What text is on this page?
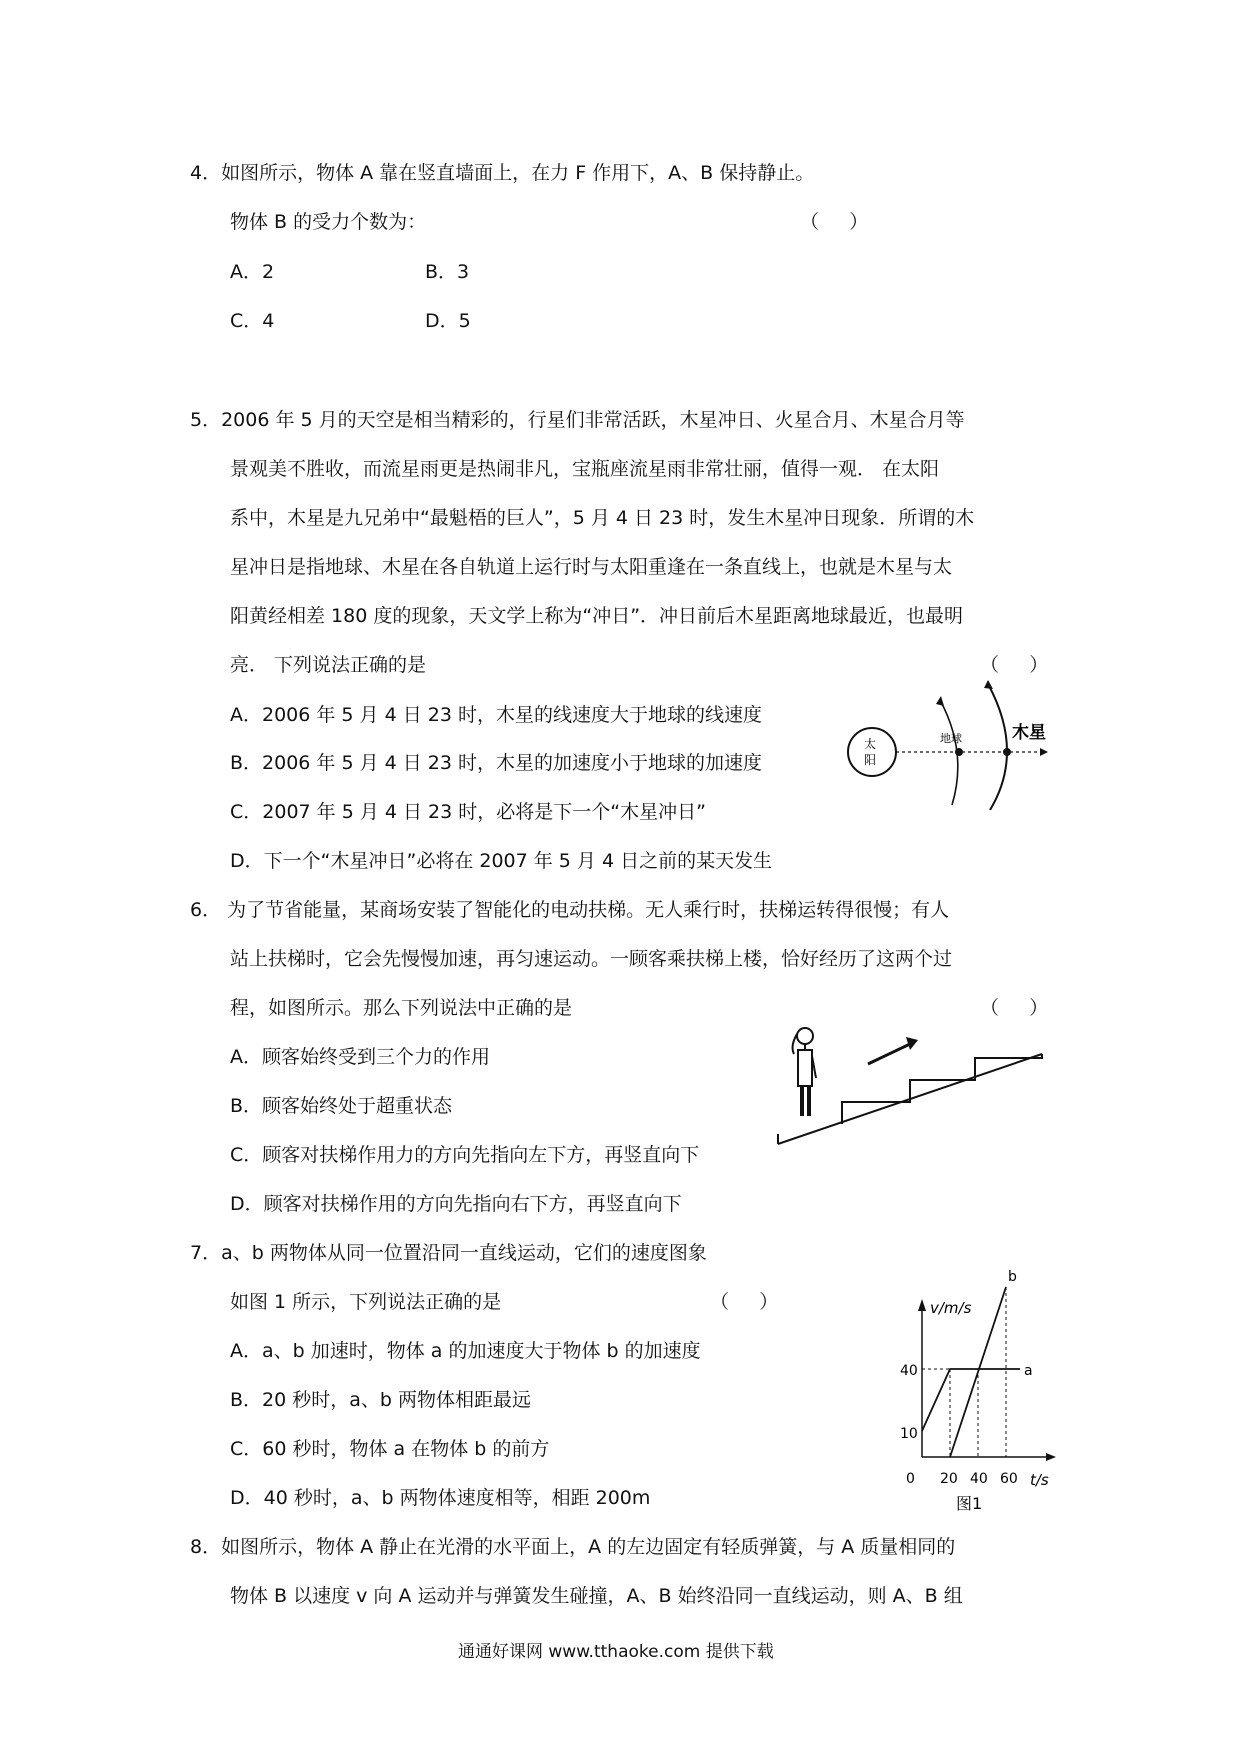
4．如图所示，物体 A 靠在竖直墙面上，在力 F 作用下，A、B 保持静止。
物体 B 的受力个数为：	（     ）
A．2	B．3
C．4	D．5
5．2006 年 5 月的天空是相当精彩的，行星们非常活跃，木星冲日、火星合月、木星合月等
景观美不胜收，而流星雨更是热闹非凡，宝瓶座流星雨非常壮丽，值得一观． 在太阳
系中，木星是九兄弟中“最魁梧的巨人”，5 月 4 日 23 时，发生木星冲日现象．所谓的木
星冲日是指地球、木星在各自轨道上运行时与太阳重逢在一条直线上，也就是木星与太
阳黄经相差 180 度的现象，天文学上称为“冲日”．冲日前后木星距离地球最近，也最明
亮． 下列说法正确的是	（     ）
A．2006 年 5 月 4 日 23 时，木星的线速度大于地球的线速度
B．2006 年 5 月 4 日 23 时，木星的加速度小于地球的加速度
C．2007 年 5 月 4 日 23 时，必将是下一个“木星冲日”
D．下一个“木星冲日”必将在 2007 年 5 月 4 日之前的某天发生
太
阳
地球	木星
6． 为了节省能量，某商场安装了智能化的电动扶梯。无人乘行时，扶梯运转得很慢；有人
站上扶梯时，它会先慢慢加速，再匀速运动。一顾客乘扶梯上楼，恰好经历了这两个过
程，如图所示。那么下列说法中正确的是	（     ）
A．顾客始终受到三个力的作用
B．顾客始终处于超重状态
C．顾客对扶梯作用力的方向先指向左下方，再竖直向下
D．顾客对扶梯作用的方向先指向右下方，再竖直向下
7．a、b 两物体从同一位置沿同一直线运动，它们的速度图象
如图 1 所示，下列说法正确的是	（     ）
A．a、b 加速时，物体 a 的加速度大于物体 b 的加速度
B．20 秒时，a、b 两物体相距最远
C．60 秒时，物体 a 在物体 b 的前方
D．40 秒时，a、b 两物体速度相等，相距 200m
v/m/s
t/s
0
40
10
20 40 60
a
b
图1
8．如图所示，物体 A 静止在光滑的水平面上，A 的左边固定有轻质弹簧，与 A 质量相同的
物体 B 以速度 v 向 A 运动并与弹簧发生碰撞，A、B 始终沿同一直线运动，则 A、B 组
通通好课网 www.tthaoke.com 提供下载
